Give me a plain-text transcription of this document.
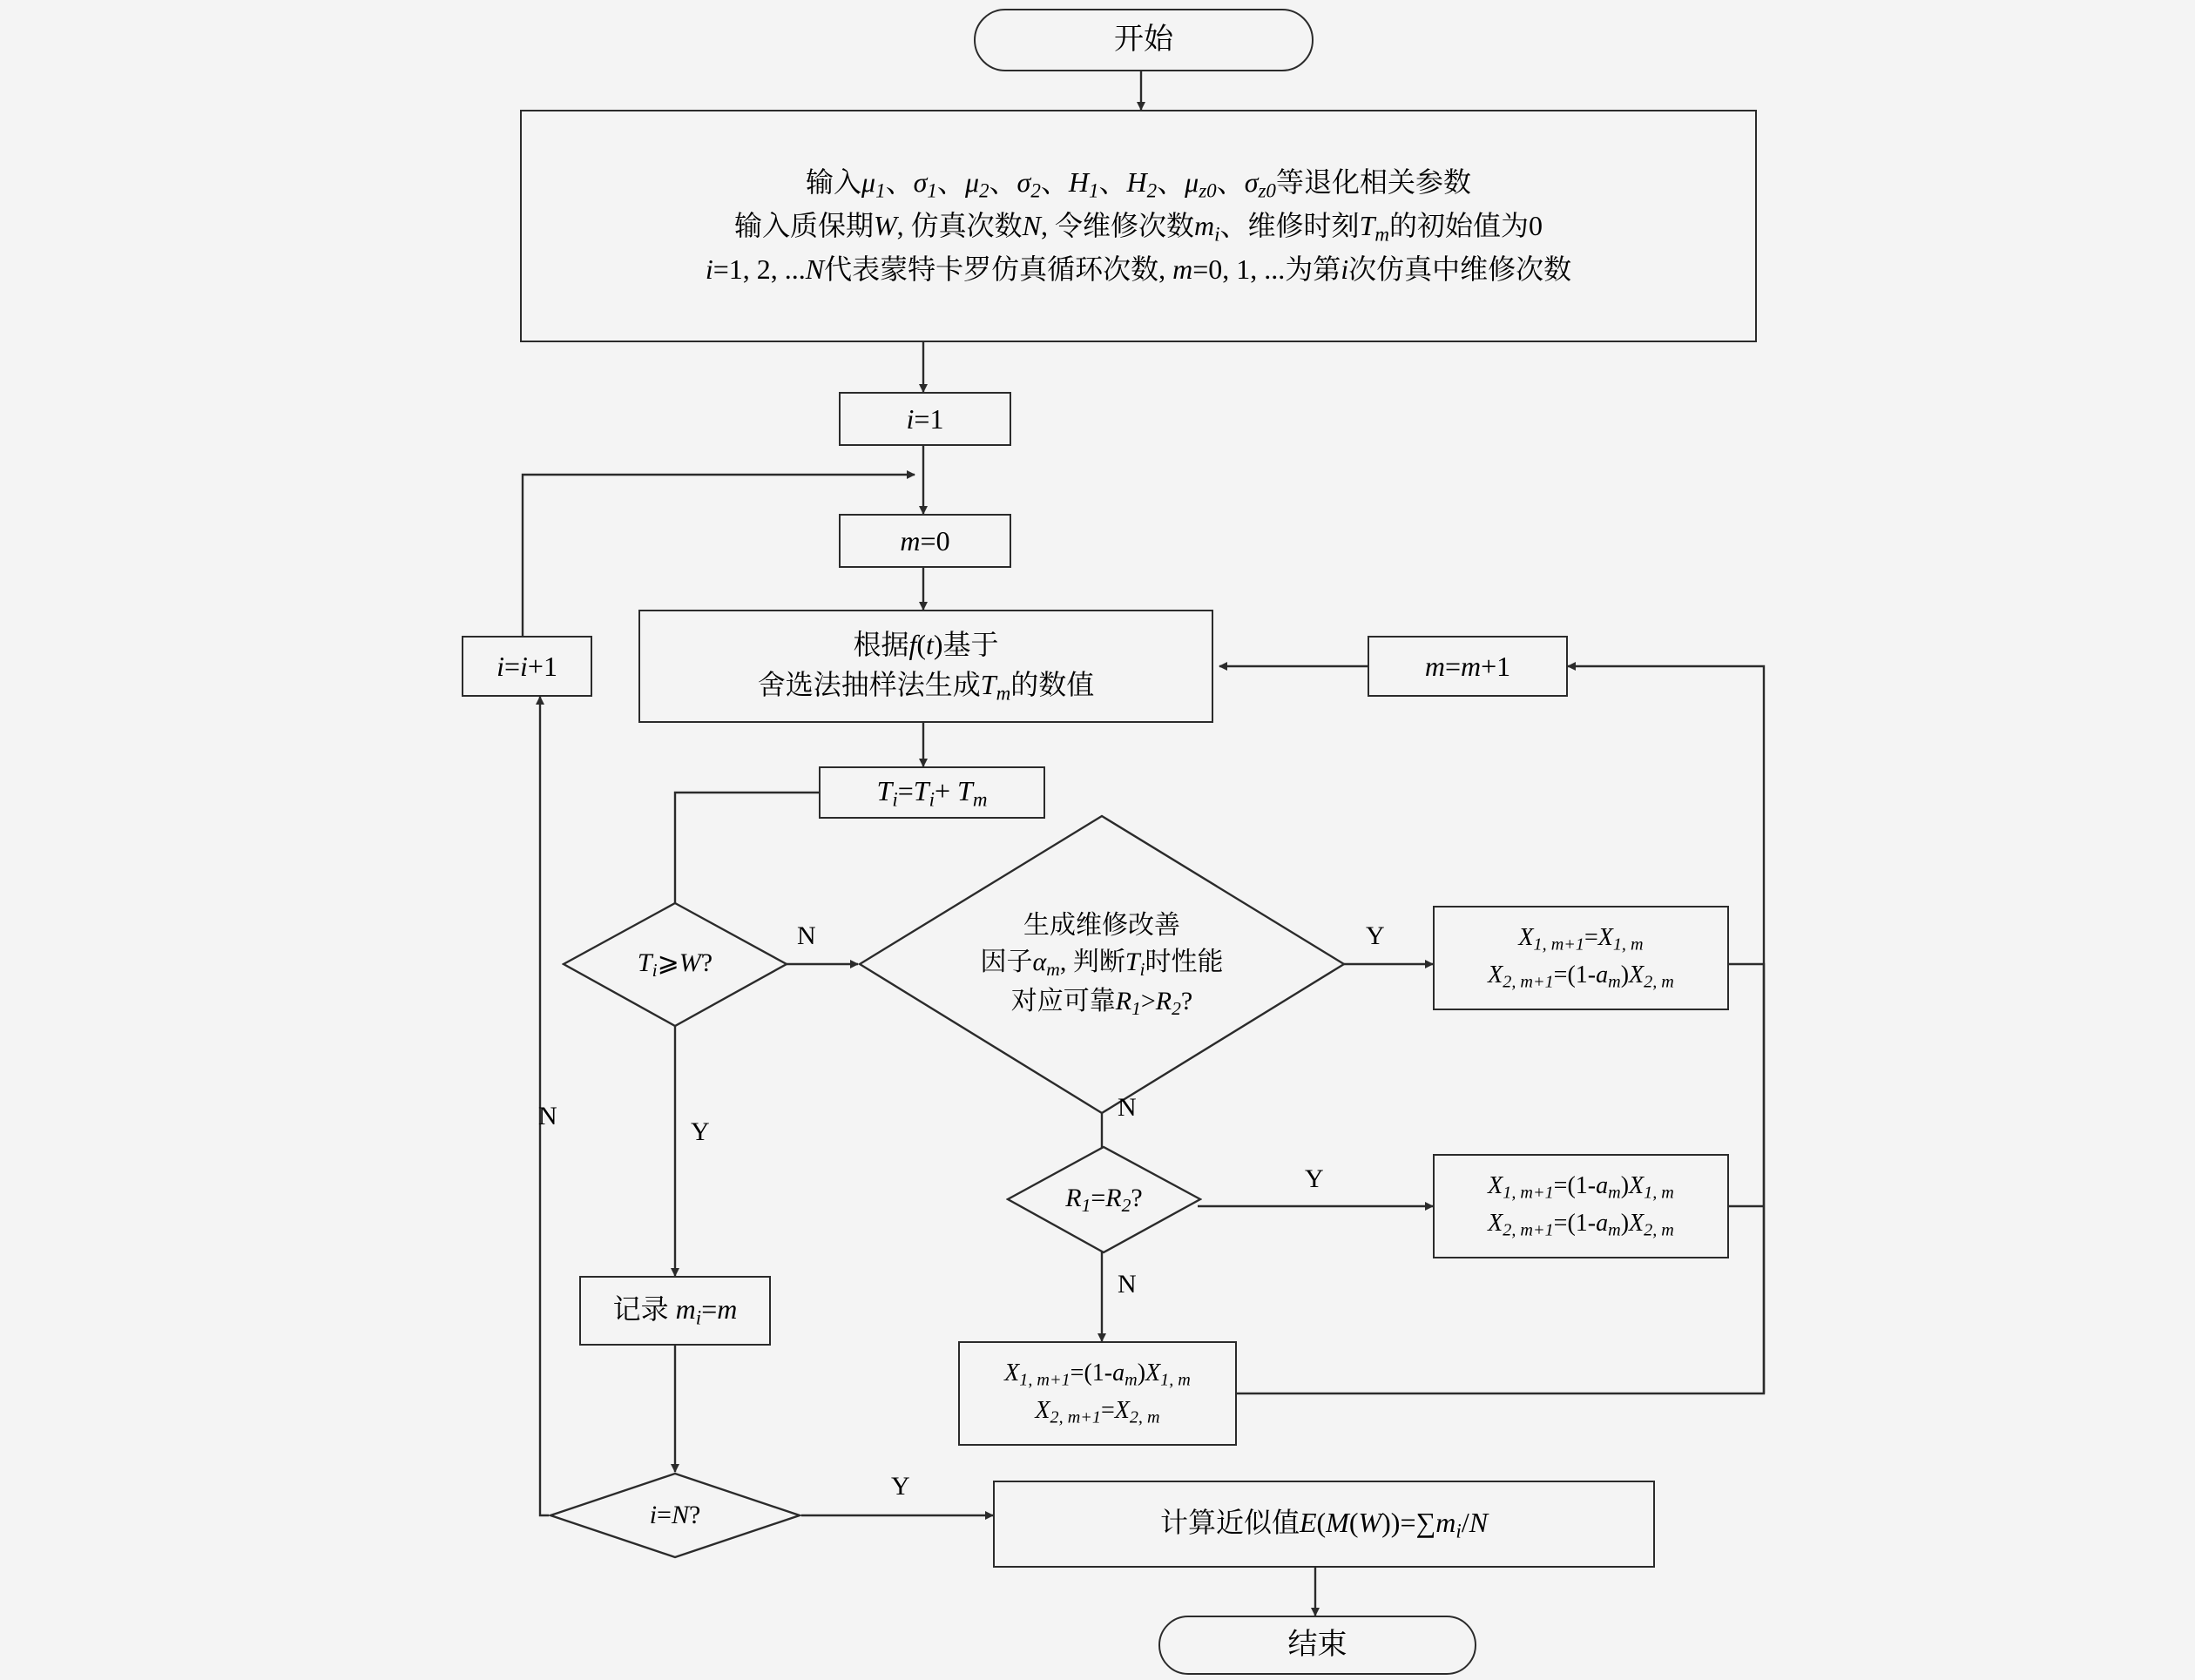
开始
输入$\mu_1$、$\sigma_1$、$\mu_2$、$\sigma_2$、$H_1$、$H_2$、$\mu_{z0}$、$\sigma_{z0}$等退化相关参数
输入质保期W, 仿真次数N, 令维修次数$m_i$、维修时刻$T_m$的初始值为0
i=1, 2, ...N代表蒙特卡罗仿真循环次数, m=0, 1, ...为第i次仿真中维修次数
i=1
m=0
根据f(t)基于
舍选法抽样法生成$T_m$的数值
$T_i=T_i+ T_m$
i=i+1	m=m+1
$T_i⩾W$?
生成维修改善
因子$\alpha_m$, 判断$T_i$时性能
对应可靠$R_1>R_2$?
$R_1=R_2$?
$X_{1, m+1}=X_{1, m}$
$X_{2, m+1}=(1-a_m)X_{2, m}$
$X_{1, m+1}=(1-a_m)X_{1, m}$
$X_{2, m+1}=(1-a_m)X_{2, m}$
$X_{1, m+1}=(1-a_m)X_{1, m}$
$X_{2, m+1}=X_{2, m}$
记录 $m_i=m$
i=N?	计算近似值$E(M(W))=\sum m_i/N$
结束
N
Y
Y
N
Y
N
N
Y
